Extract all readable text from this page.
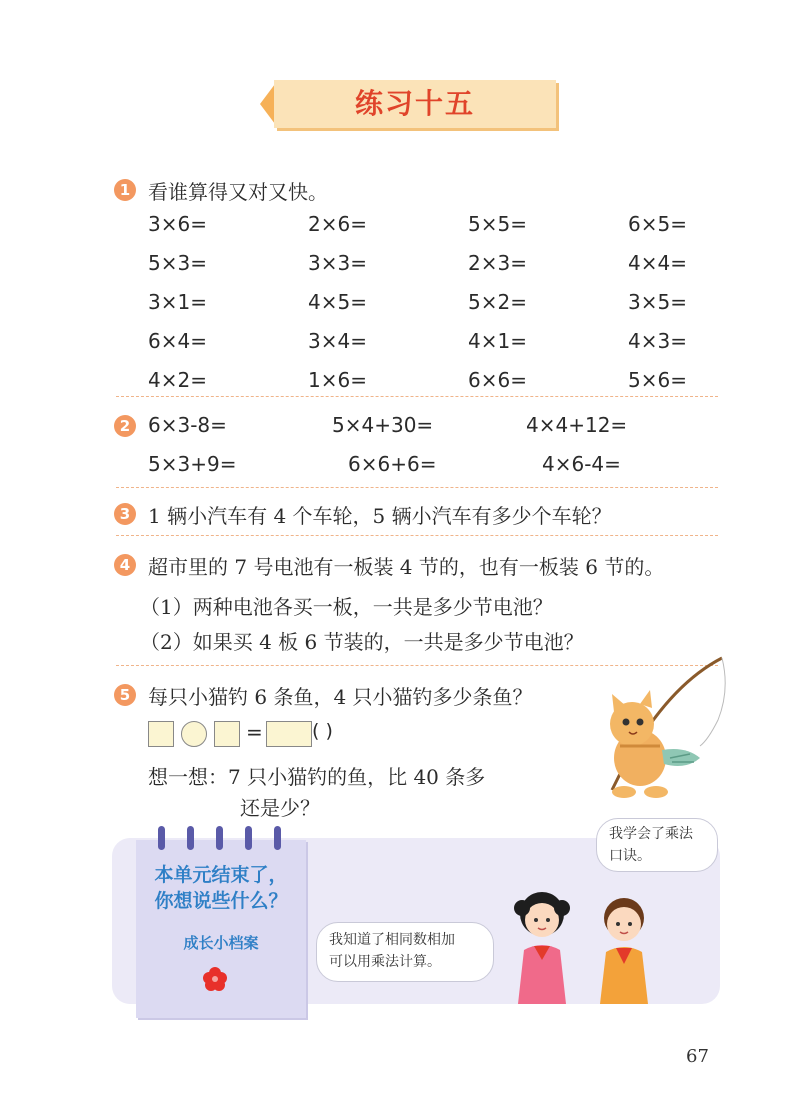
练习十五
1 看谁算得又对又快。
3×6=	2×6=	5×5=	6×5=
5×3=	3×3=	2×3=	4×4=
3×1=	4×5=	5×2=	3×5=
6×4=	3×4=	4×1=	4×3=
4×2=	1×6=	6×6=	5×6=
2 6×3-8=	5×4+30=	4×4+12=
5×3+9=	6×6+6=	4×6-4=
3 1 辆小汽车有 4 个车轮，5 辆小汽车有多少个车轮？
4 超市里的 7 号电池有一板装 4 节的，也有一板装 6 节的。
（1）两种电池各买一板，一共是多少节电池？
（2）如果买 4 板 6 节装的，一共是多少节电池？
5 每只小猫钓 6 条鱼，4 只小猫钓多少条鱼？
=	( )
想一想：7 只小猫钓的鱼，比 40 条多
还是少？
本单元结束了，
你想说些什么？
成长小档案
我学会了乘法
口诀。
我知道了相同数相加
可以用乘法计算。
67
